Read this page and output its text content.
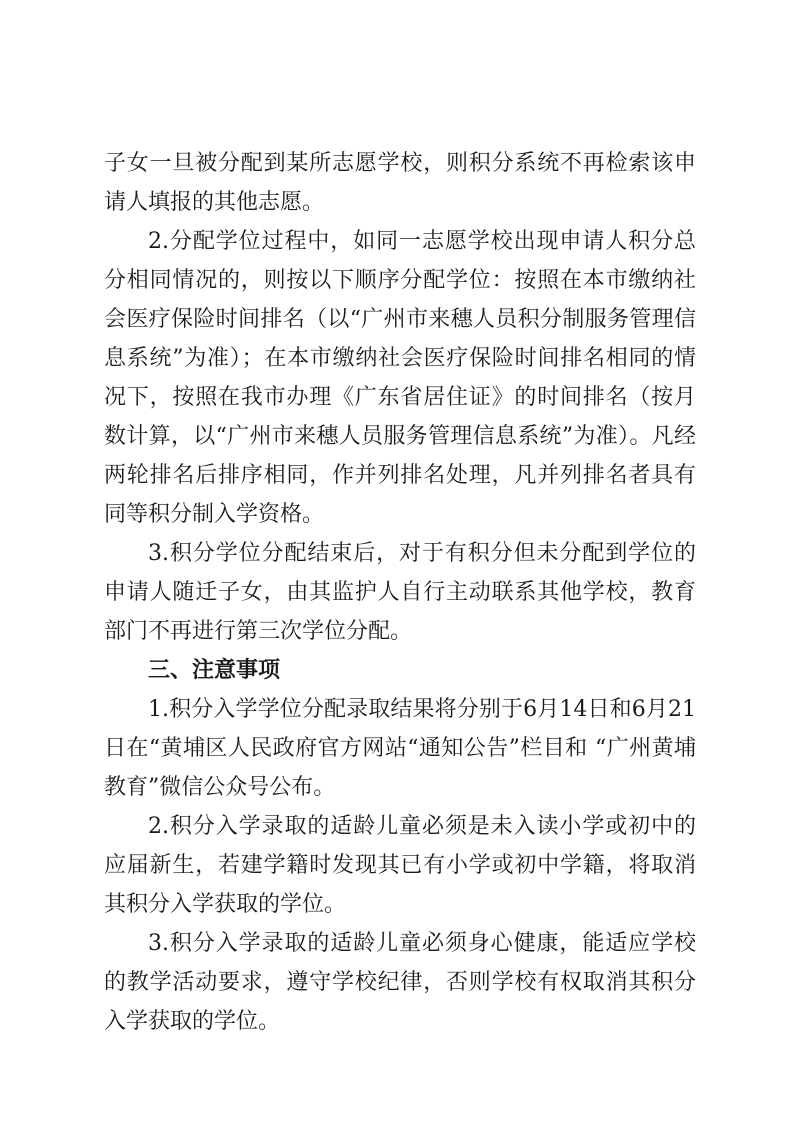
子女一旦被分配到某所志愿学校，则积分系统不再检索该申请人填报的其他志愿。

2.分配学位过程中，如同一志愿学校出现申请人积分总分相同情况的，则按以下顺序分配学位：按照在本市缴纳社会医疗保险时间排名（以“广州市来穗人员积分制服务管理信息系统”为准）；在本市缴纳社会医疗保险时间排名相同的情况下，按照在我市办理《广东省居住证》的时间排名（按月数计算，以“广州市来穗人员服务管理信息系统”为准）。凡经两轮排名后排序相同，作并列排名处理，凡并列排名者具有同等积分制入学资格。

3.积分学位分配结束后，对于有积分但未分配到学位的申请人随迁子女，由其监护人自行主动联系其他学校，教育部门不再进行第三次学位分配。

三、注意事项

1.积分入学学位分配录取结果将分别于6月14日和6月21日在“黄埔区人民政府官方网站“通知公告”栏目和 “广州黄埔教育”微信公众号公布。

2.积分入学录取的适龄儿童必须是未入读小学或初中的应届新生，若建学籍时发现其已有小学或初中学籍，将取消其积分入学获取的学位。

3.积分入学录取的适龄儿童必须身心健康，能适应学校的教学活动要求，遵守学校纪律，否则学校有权取消其积分入学获取的学位。
